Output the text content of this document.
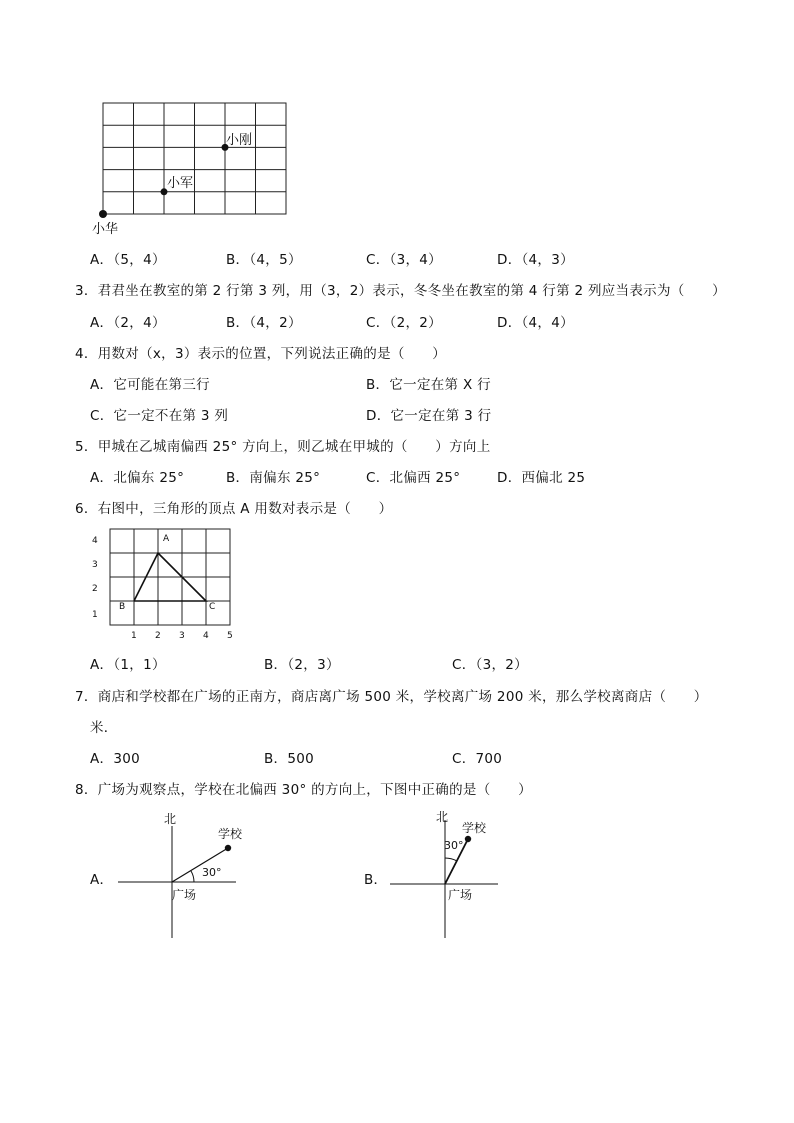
小华
小军
小刚
A．（5，4）	B．（4，5）	C．（3，4）	D．（4，3）
3．君君坐在教室的第 2 行第 3 列，用（3，2）表示，冬冬坐在教室的第 4 行第 2 列应当表示为（　　）
A．（2，4）	B．（4，2）	C．（2，2）	D．（4，4）
4．用数对（x，3）表示的位置，下列说法正确的是（　　）
A．它可能在第三行	B．它一定在第 X 行
C．它一定不在第 3 列	D．它一定在第 3 行
5．甲城在乙城南偏西 25° 方向上，则乙城在甲城的（　　）方向上
A．北偏东 25°	B．南偏东 25°	C．北偏西 25°	D．西偏北 25
6．右图中，三角形的顶点 A 用数对表示是（　　）
A
B	C
4
3
2
1
1 2 3 4 5
A．（1，1）	B．（2，3）	C．（3，2）
7．商店和学校都在广场的正南方，商店离广场 500 米，学校离广场 200 米，那么学校离商店（　　）
米．
A．300	B．500	C．700
8．广场为观察点，学校在北偏西 30° 的方向上，下图中正确的是（　　）
A．
北
学校
广场
30°	B．
北
学校
广场
30°
